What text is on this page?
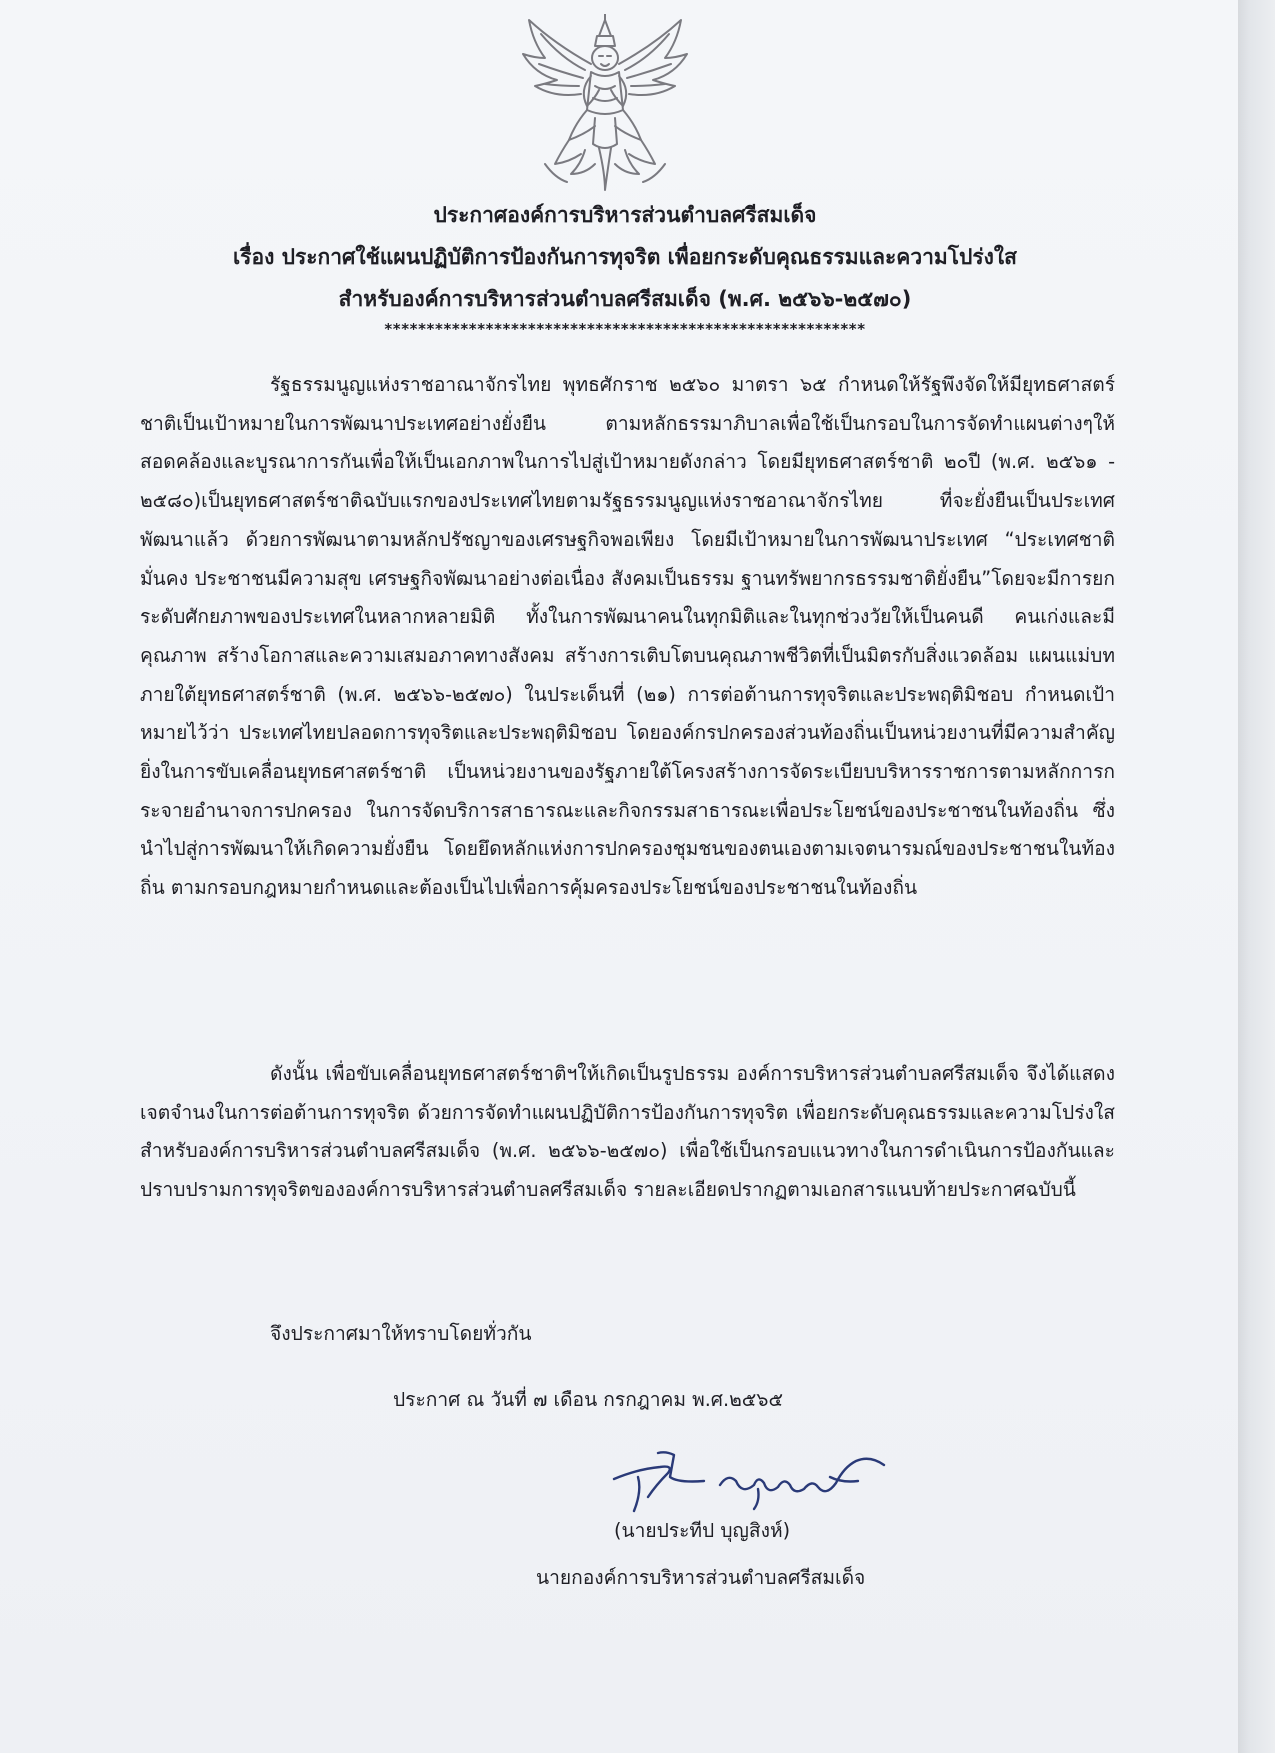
ประกาศองค์การบริหารส่วนตำบลศรีสมเด็จ
เรื่อง ประกาศใช้แผนปฏิบัติการป้องกันการทุจริต เพื่อยกระดับคุณธรรมและความโปร่งใส
สำหรับองค์การบริหารส่วนตำบลศรีสมเด็จ (พ.ศ. ๒๕๖๖-๒๕๗๐)
*********************************************************

รัฐธรรมนูญแห่งราชอาณาจักรไทย พุทธศักราช ๒๕๖๐ มาตรา ๖๕ กำหนดให้รัฐพึงจัดให้มียุทธศาสตร์ชาติเป็นเป้าหมายในการพัฒนาประเทศอย่างยั่งยืน ตามหลักธรรมาภิบาลเพื่อใช้เป็นกรอบในการจัดทำแผนต่างๆให้สอดคล้องและบูรณาการกันเพื่อให้เป็นเอกภาพในการไปสู่เป้าหมายดังกล่าว โดยมียุทธศาสตร์ชาติ ๒๐ปี (พ.ศ. ๒๕๖๑ - ๒๕๘๐)เป็นยุทธศาสตร์ชาติฉบับแรกของประเทศไทยตามรัฐธรรมนูญแห่งราชอาณาจักรไทย ที่จะยั่งยืนเป็นประเทศพัฒนาแล้ว ด้วยการพัฒนาตามหลักปรัชญาของเศรษฐกิจพอเพียง โดยมีเป้าหมายในการพัฒนาประเทศ “ประเทศชาติมั่นคง ประชาชนมีความสุข เศรษฐกิจพัฒนาอย่างต่อเนื่อง สังคมเป็นธรรม ฐานทรัพยากรธรรมชาติยั่งยืน”โดยจะมีการยกระดับศักยภาพของประเทศในหลากหลายมิติ ทั้งในการพัฒนาคนในทุกมิติและในทุกช่วงวัยให้เป็นคนดี คนเก่งและมีคุณภาพ สร้างโอกาสและความเสมอภาคทางสังคม สร้างการเติบโตบนคุณภาพชีวิตที่เป็นมิตรกับสิ่งแวดล้อม แผนแม่บทภายใต้ยุทธศาสตร์ชาติ (พ.ศ. ๒๕๖๖-๒๕๗๐) ในประเด็นที่ (๒๑) การต่อต้านการทุจริตและประพฤติมิชอบ กำหนดเป้าหมายไว้ว่า ประเทศไทยปลอดการทุจริตและประพฤติมิชอบ โดยองค์กรปกครองส่วนท้องถิ่นเป็นหน่วยงานที่มีความสำคัญยิ่งในการขับเคลื่อนยุทธศาสตร์ชาติ เป็นหน่วยงานของรัฐภายใต้โครงสร้างการจัดระเบียบบริหารราชการตามหลักการกระจายอำนาจการปกครอง ในการจัดบริการสาธารณะและกิจกรรมสาธารณะเพื่อประโยชน์ของประชาชนในท้องถิ่น ซึ่งนำไปสู่การพัฒนาให้เกิดความยั่งยืน โดยยึดหลักแห่งการปกครองชุมชนของตนเองตามเจตนารมณ์ของประชาชนในท้องถิ่น ตามกรอบกฎหมายกำหนดและต้องเป็นไปเพื่อการคุ้มครองประโยชน์ของประชาชนในท้องถิ่น

ดังนั้น เพื่อขับเคลื่อนยุทธศาสตร์ชาติฯให้เกิดเป็นรูปธรรม องค์การบริหารส่วนตำบลศรีสมเด็จ จึงได้แสดงเจตจำนงในการต่อต้านการทุจริต ด้วยการจัดทำแผนปฏิบัติการป้องกันการทุจริต เพื่อยกระดับคุณธรรมและความโปร่งใส สำหรับองค์การบริหารส่วนตำบลศรีสมเด็จ (พ.ศ. ๒๕๖๖-๒๕๗๐) เพื่อใช้เป็นกรอบแนวทางในการดำเนินการป้องกันและปราบปรามการทุจริตขององค์การบริหารส่วนตำบลศรีสมเด็จ รายละเอียดปรากฏตามเอกสารแนบท้ายประกาศฉบับนี้

จึงประกาศมาให้ทราบโดยทั่วกัน
ประกาศ ณ วันที่ ๗ เดือน กรกฎาคม พ.ศ.๒๕๖๕
(นายประทีป บุญสิงห์)
นายกองค์การบริหารส่วนตำบลศรีสมเด็จ
